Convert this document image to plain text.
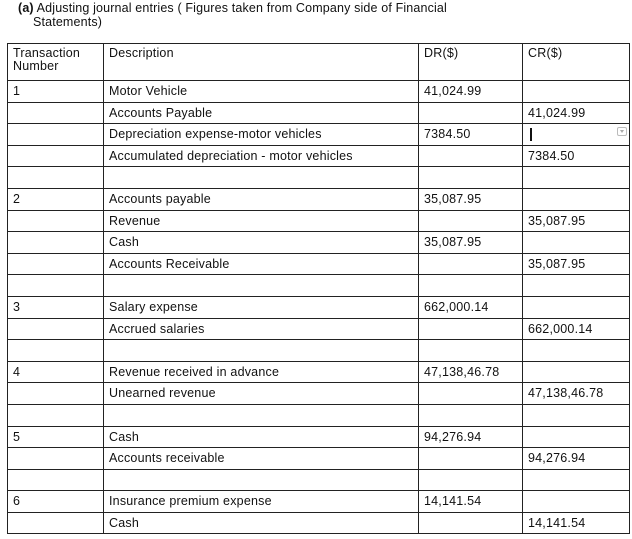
(a) Adjusting journal entries ( Figures taken from Company side of Financial
Statements)
Transaction Number	Description	DR($)	CR($)
1	Motor Vehicle	41,024.99	
	Accounts Payable		41,024.99
	Depreciation expense-motor vehicles	7384.50	

	Accumulated depreciation - motor vehicles		7384.50

2	Accounts payable	35,087.95	
	Revenue		35,087.95
	Cash	35,087.95	
	Accounts Receivable		35,087.95

3	Salary expense	662,000.14	
	Accrued salaries		662,000.14

4	Revenue received in advance	47,138,46.78	
	Unearned revenue		47,138,46.78

5	Cash	94,276.94	
	Accounts receivable		94,276.94

6	Insurance premium expense	14,141.54	
	Cash		14,141.54
